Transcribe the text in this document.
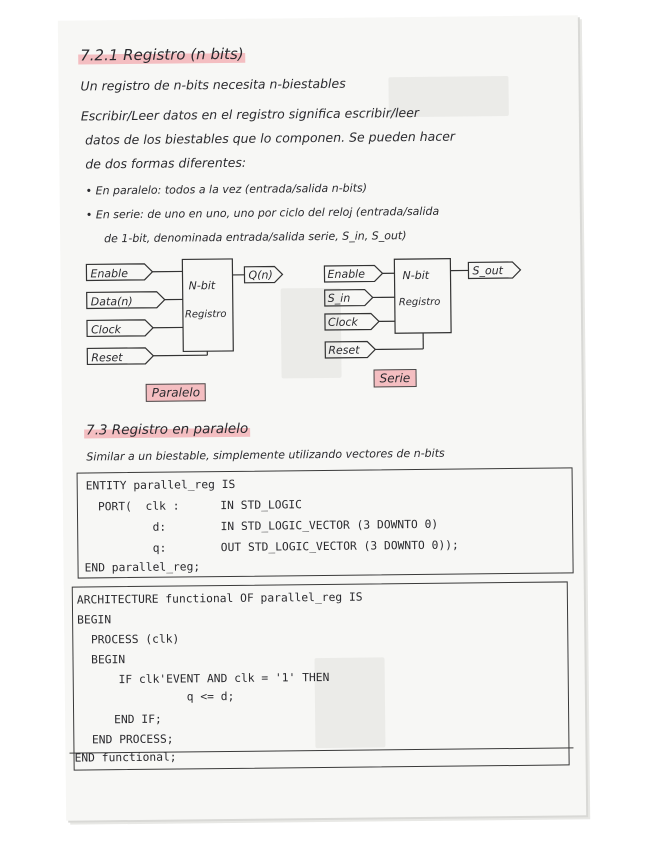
7.2.1 Registro (n bits)
Un registro de n-bits necesita n-biestables
Escribir/Leer datos en el registro significa escribir/leer
datos de los biestables que lo componen. Se pueden hacer
de dos formas diferentes:
• En paralelo: todos a la vez (entrada/salida n-bits)
• En serie: de uno en uno, uno por ciclo del reloj (entrada/salida
de 1-bit, denominada entrada/salida serie, S_in, S_out)
Enable
Data(n)
Clock
Reset
N-bit
Registro
Q(n)
Paralelo
Enable
S_in
Clock
Reset
N-bit
Registro
S_out
Serie
7.3 Registro en paralelo
Similar a un biestable, simplemente utilizando vectores de n-bits
ENTITY parallel_reg IS
PORT(  clk :      IN STD_LOGIC
d:        IN STD_LOGIC_VECTOR (3 DOWNTO 0)
q:        OUT STD_LOGIC_VECTOR (3 DOWNTO 0));
END parallel_reg;
ARCHITECTURE functional OF parallel_reg IS
BEGIN
PROCESS (clk)
BEGIN
IF clk'EVENT AND clk = '1' THEN
q <= d;
END IF;
END PROCESS;
END functional;
